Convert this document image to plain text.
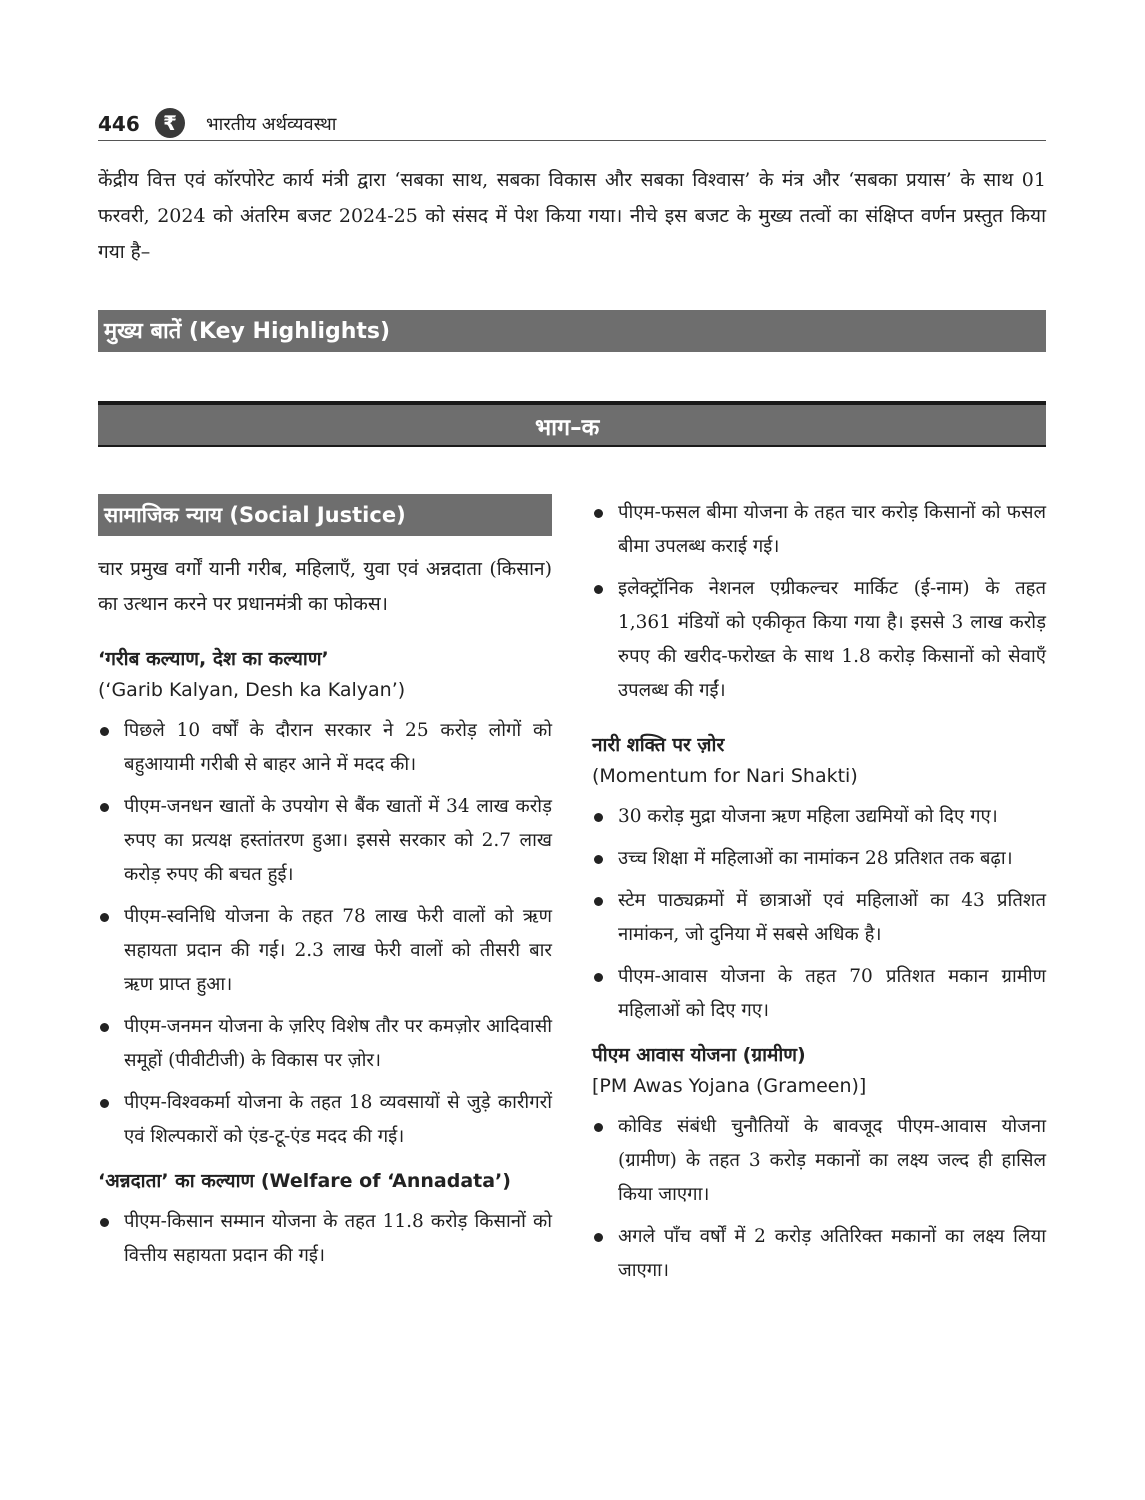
446	₹	भारतीय अर्थव्यवस्था

केंद्रीय वित्त एवं कॉरपोरेट कार्य मंत्री द्वारा ‘सबका साथ, सबका विकास और सबका विश्वास’ के मंत्र और ‘सबका प्रयास’ के साथ 01 फरवरी, 2024 को अंतरिम बजट 2024-25 को संसद में पेश किया गया। नीचे इस बजट के मुख्य तत्वों का संक्षिप्त वर्णन प्रस्तुत किया गया है–

मुख्य बातें (Key Highlights)
भाग–क
सामाजिक न्याय (Social Justice)

चार प्रमुख वर्गों यानी गरीब, महिलाएँ, युवा एवं अन्नदाता (किसान) का उत्थान करने पर प्रधानमंत्री का फोकस।

‘गरीब कल्याण, देश का कल्याण’
(‘Garib Kalyan, Desh ka Kalyan’)
पिछले 10 वर्षों के दौरान सरकार ने 25 करोड़ लोगों को बहुआयामी गरीबी से बाहर आने में मदद की।
पीएम-जनधन खातों के उपयोग से बैंक खातों में 34 लाख करोड़ रुपए का प्रत्यक्ष हस्तांतरण हुआ। इससे सरकार को 2.7 लाख करोड़ रुपए की बचत हुई।
पीएम-स्वनिधि योजना के तहत 78 लाख फेरी वालों को ऋण सहायता प्रदान की गई। 2.3 लाख फेरी वालों को तीसरी बार ऋण प्राप्त हुआ।
पीएम-जनमन योजना के ज़रिए विशेष तौर पर कमज़ोर आदिवासी समूहों (पीवीटीजी) के विकास पर ज़ोर।
पीएम-विश्वकर्मा योजना के तहत 18 व्यवसायों से जुड़े कारीगरों एवं शिल्पकारों को एंड-टू-एंड मदद की गई।
‘अन्नदाता’ का कल्याण (Welfare of ‘Annadata’)
पीएम-किसान सम्मान योजना के तहत 11.8 करोड़ किसानों को वित्तीय सहायता प्रदान की गई।
पीएम-फसल बीमा योजना के तहत चार करोड़ किसानों को फसल बीमा उपलब्ध कराई गई।
इलेक्ट्रॉनिक नेशनल एग्रीकल्चर मार्किट (ई-नाम) के तहत 1,361 मंडियों को एकीकृत किया गया है। इससे 3 लाख करोड़ रुपए की खरीद-फरोख्त के साथ 1.8 करोड़ किसानों को सेवाएँ उपलब्ध की गईं।
नारी शक्ति पर ज़ोर
(Momentum for Nari Shakti)
30 करोड़ मुद्रा योजना ऋण महिला उद्यमियों को दिए गए।
उच्च शिक्षा में महिलाओं का नामांकन 28 प्रतिशत तक बढ़ा।
स्टेम पाठ्यक्रमों में छात्राओं एवं महिलाओं का 43 प्रतिशत नामांकन, जो दुनिया में सबसे अधिक है।
पीएम-आवास योजना के तहत 70 प्रतिशत मकान ग्रामीण महिलाओं को दिए गए।
पीएम आवास योजना (ग्रामीण)
[PM Awas Yojana (Grameen)]
कोविड संबंधी चुनौतियों के बावजूद पीएम-आवास योजना (ग्रामीण) के तहत 3 करोड़ मकानों का लक्ष्य जल्द ही हासिल किया जाएगा।
अगले पाँच वर्षों में 2 करोड़ अतिरिक्त मकानों का लक्ष्य लिया जाएगा।
